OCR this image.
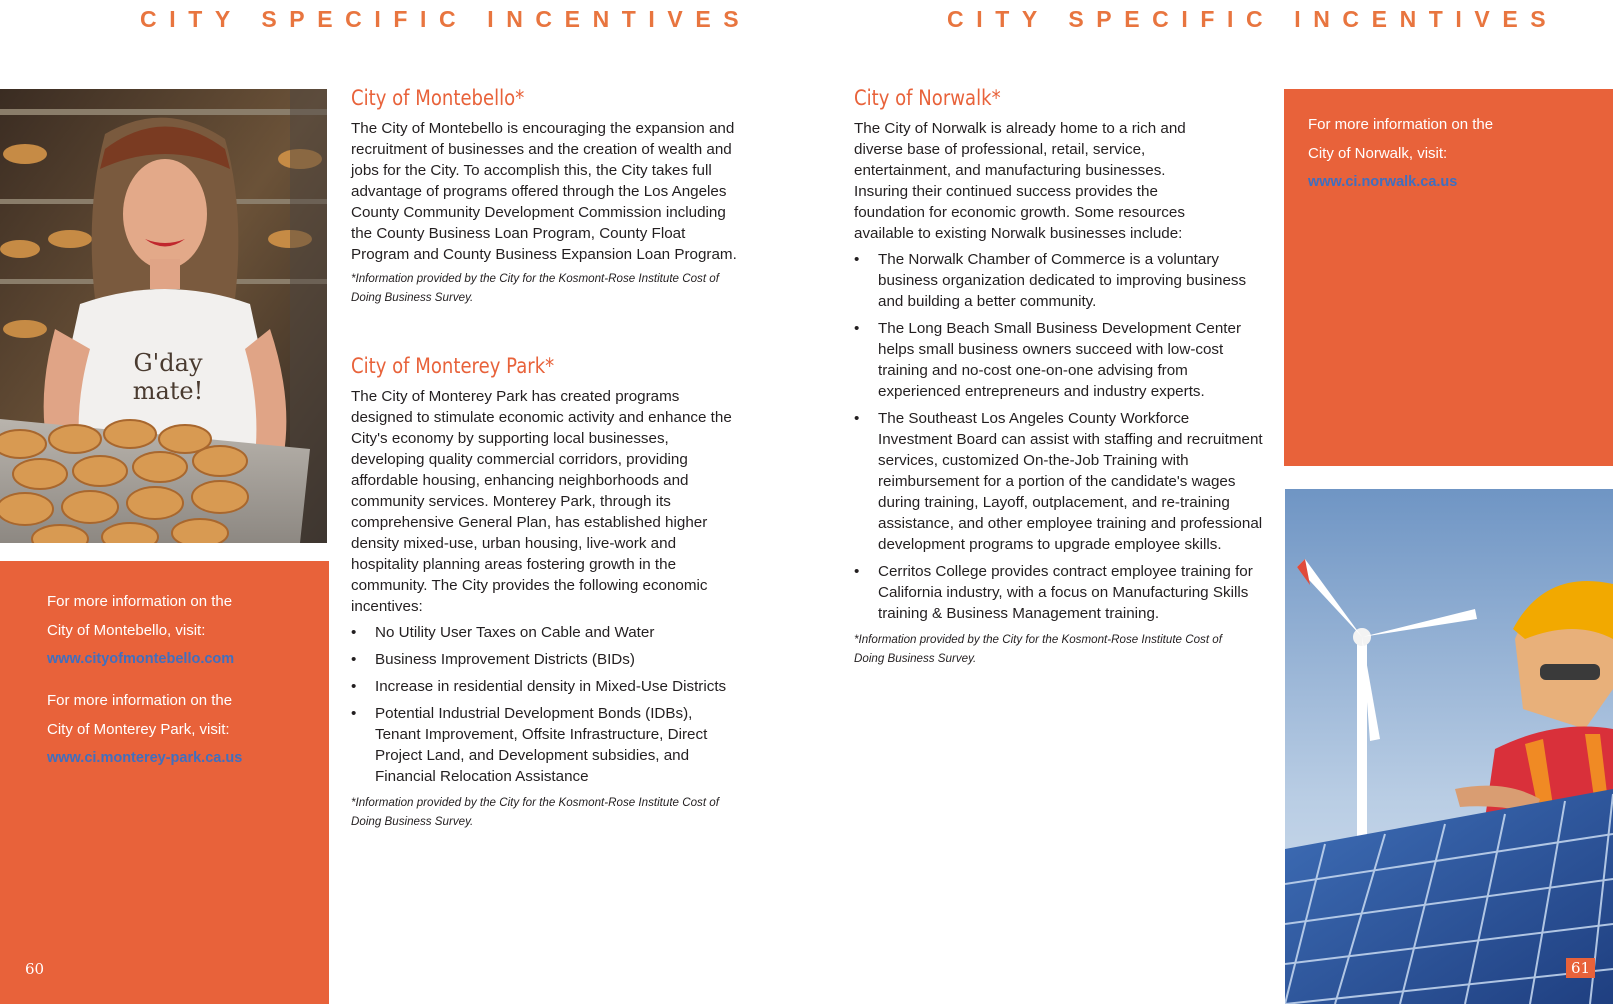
CITY SPECIFIC INCENTIVES	CITY SPECIFIC INCENTIVES
G'day
mate!

For more information on the

City of Montebello, visit:

www.cityofmontebello.com

For more information on the

City of Monterey Park, visit:

www.ci.monterey-park.ca.us

60
City of Montebello*

The City of Montebello is encouraging the expansion and recruitment of businesses and the creation of wealth and jobs for the City. To accomplish this, the City takes full advantage of programs offered through the Los Angeles County Community Development Commission including the County Business Loan Program, County Float Program and County Business Expansion Loan Program.

*Information provided by the City for the Kosmont-Rose Institute Cost of Doing Business Survey.

City of Monterey Park*

The City of Monterey Park has created programs designed to stimulate economic activity and enhance the City's economy by supporting local businesses, developing quality commercial corridors, providing affordable housing, enhancing neighborhoods and community services. Monterey Park, through its comprehensive General Plan, has established higher density mixed-use, urban housing, live-work and hospitality planning areas fostering growth in the community. The City provides the following economic incentives:

• No Utility User Taxes on Cable and Water
• Business Improvement Districts (BIDs)
• Increase in residential density in Mixed-Use Districts
• Potential Industrial Development Bonds (IDBs), Tenant Improvement, Offsite Infrastructure, Direct Project Land, and Development subsidies, and Financial Relocation Assistance

*Information provided by the City for the Kosmont-Rose Institute Cost of Doing Business Survey.

City of Norwalk*

The City of Norwalk is already home to a rich and diverse base of professional, retail, service, entertainment, and manufacturing businesses. Insuring their continued success provides the foundation for economic growth. Some resources available to existing Norwalk businesses include:

• The Norwalk Chamber of Commerce is a voluntary business organization dedicated to improving business and building a better community.
• The Long Beach Small Business Development Center helps small business owners succeed with low-cost training and no-cost one-on-one advising from experienced entrepreneurs and industry experts.
• The Southeast Los Angeles County Workforce Investment Board can assist with staffing and recruitment services, customized On-the-Job Training with reimbursement for a portion of the candidate's wages during training, Layoff, outplacement, and re-training assistance, and other employee training and professional development programs to upgrade employee skills.
• Cerritos College provides contract employee training for California industry, with a focus on Manufacturing Skills training & Business Management training.

*Information provided by the City for the Kosmont-Rose Institute Cost of Doing Business Survey.

For more information on the

City of Norwalk, visit:

www.ci.norwalk.ca.us

61
